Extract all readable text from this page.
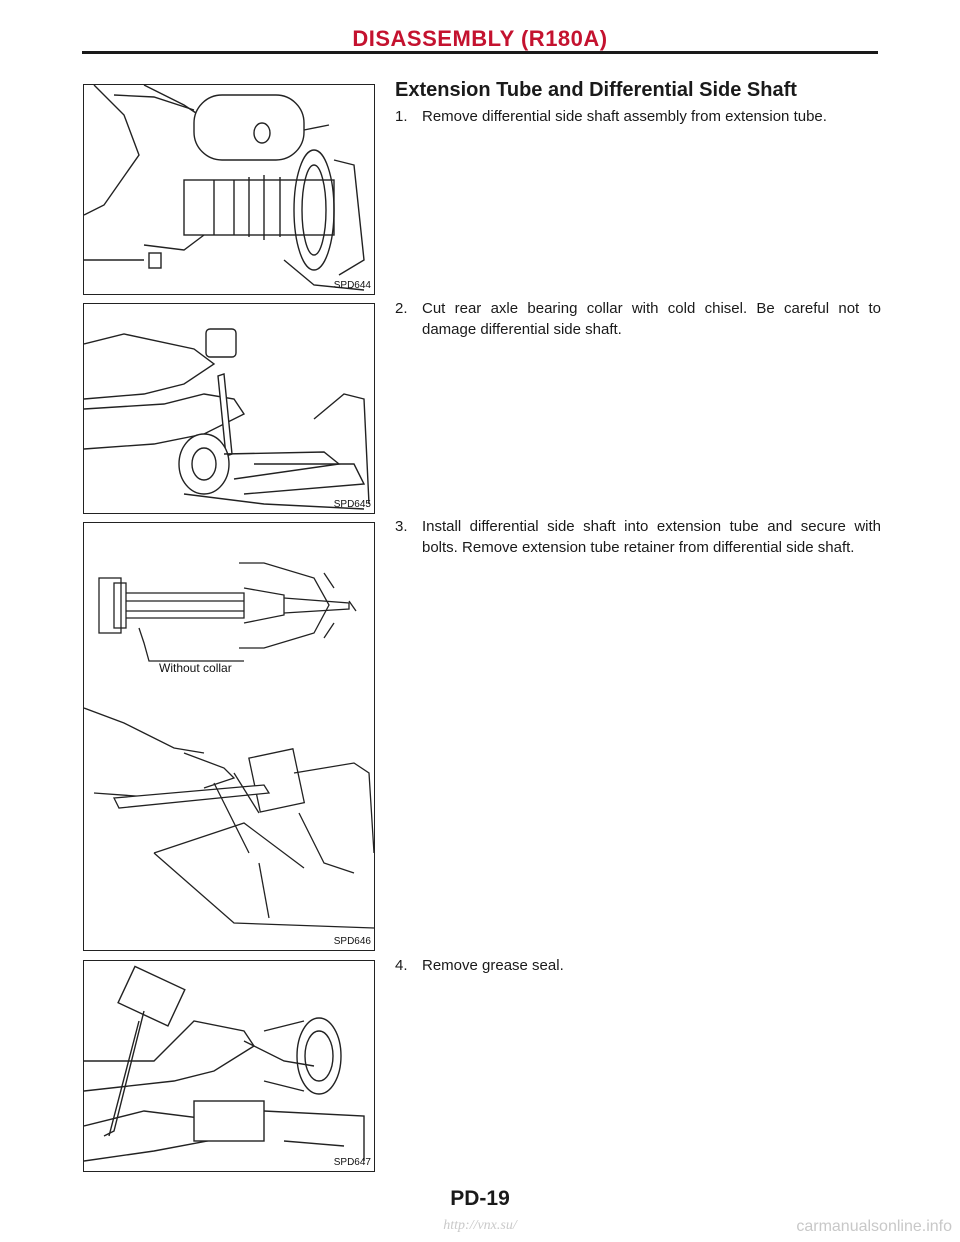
DISASSEMBLY (R180A)
SPD644
SPD645
Without collar
SPD646
SPD647
Extension Tube and Differential Side Shaft
1. Remove differential side shaft assembly from extension tube.
2. Cut rear axle bearing collar with cold chisel. Be careful not to damage differential side shaft.
3. Install differential side shaft into extension tube and secure with bolts. Remove extension tube retainer from differential side shaft.
4. Remove grease seal.
PD-19
http://vnx.su/	carmanualsonline.info
